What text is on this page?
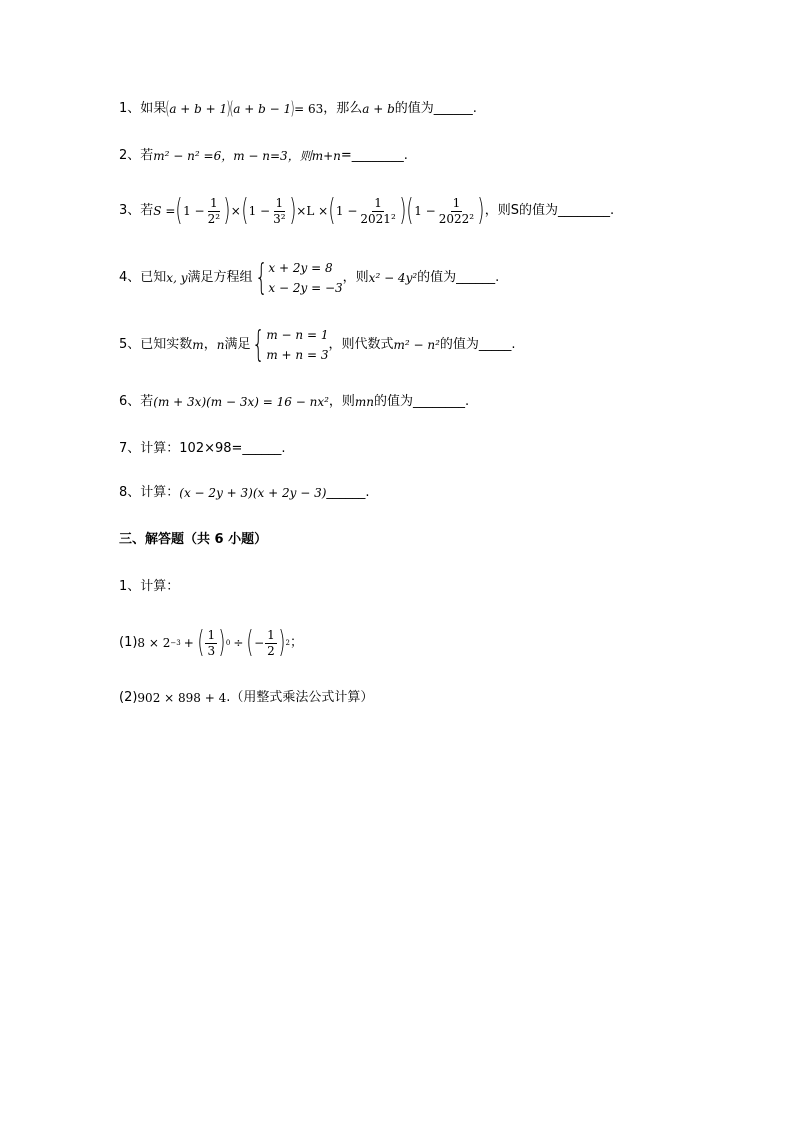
1、 如果 ( a + b + 1 )
( a + b − 1 ) = 63 ，那么 a + b 的值为______.
2、 若 m² − n² =6，m − n=3，则 m+n =________.
3、 若 S = ( $1 - \frac{1}{\text{2²}}$ ) × ( $1 - \frac{1}{\text{3²}}$ ) ×L × ( $1 - \frac{1}{\text{2021²}}$ ) ( $1 - \frac{1}{\text{2022²}}$ ) ，则S的值为________.
4、 已知 x, y 满足方程组 { x + 2y = 8
x − 2y = −3
，则 x² − 4y² 的值为______.
5、 已知实数 m ， n 满足 { m − n = 1
m + n = 3
，则代数式 m² − n² 的值为_____.
6、 若 (m + 3x)(m − 3x) = 16 − nx² ，则 mn 的值为________.
7、 计算：102×98=______.
8、 计算： (x − 2y + 3)(x + 2y − 3) ______.
三、解答题（共 6 小题）
1、 计算：
(1) 8 × 2 −3 + ( $\frac{1}{3}$ ) 0 ÷ ( − $\frac{1}{2}$ ) 2 ；
(2) 902 × 898 + 4 .（用整式乘法公式计算）
